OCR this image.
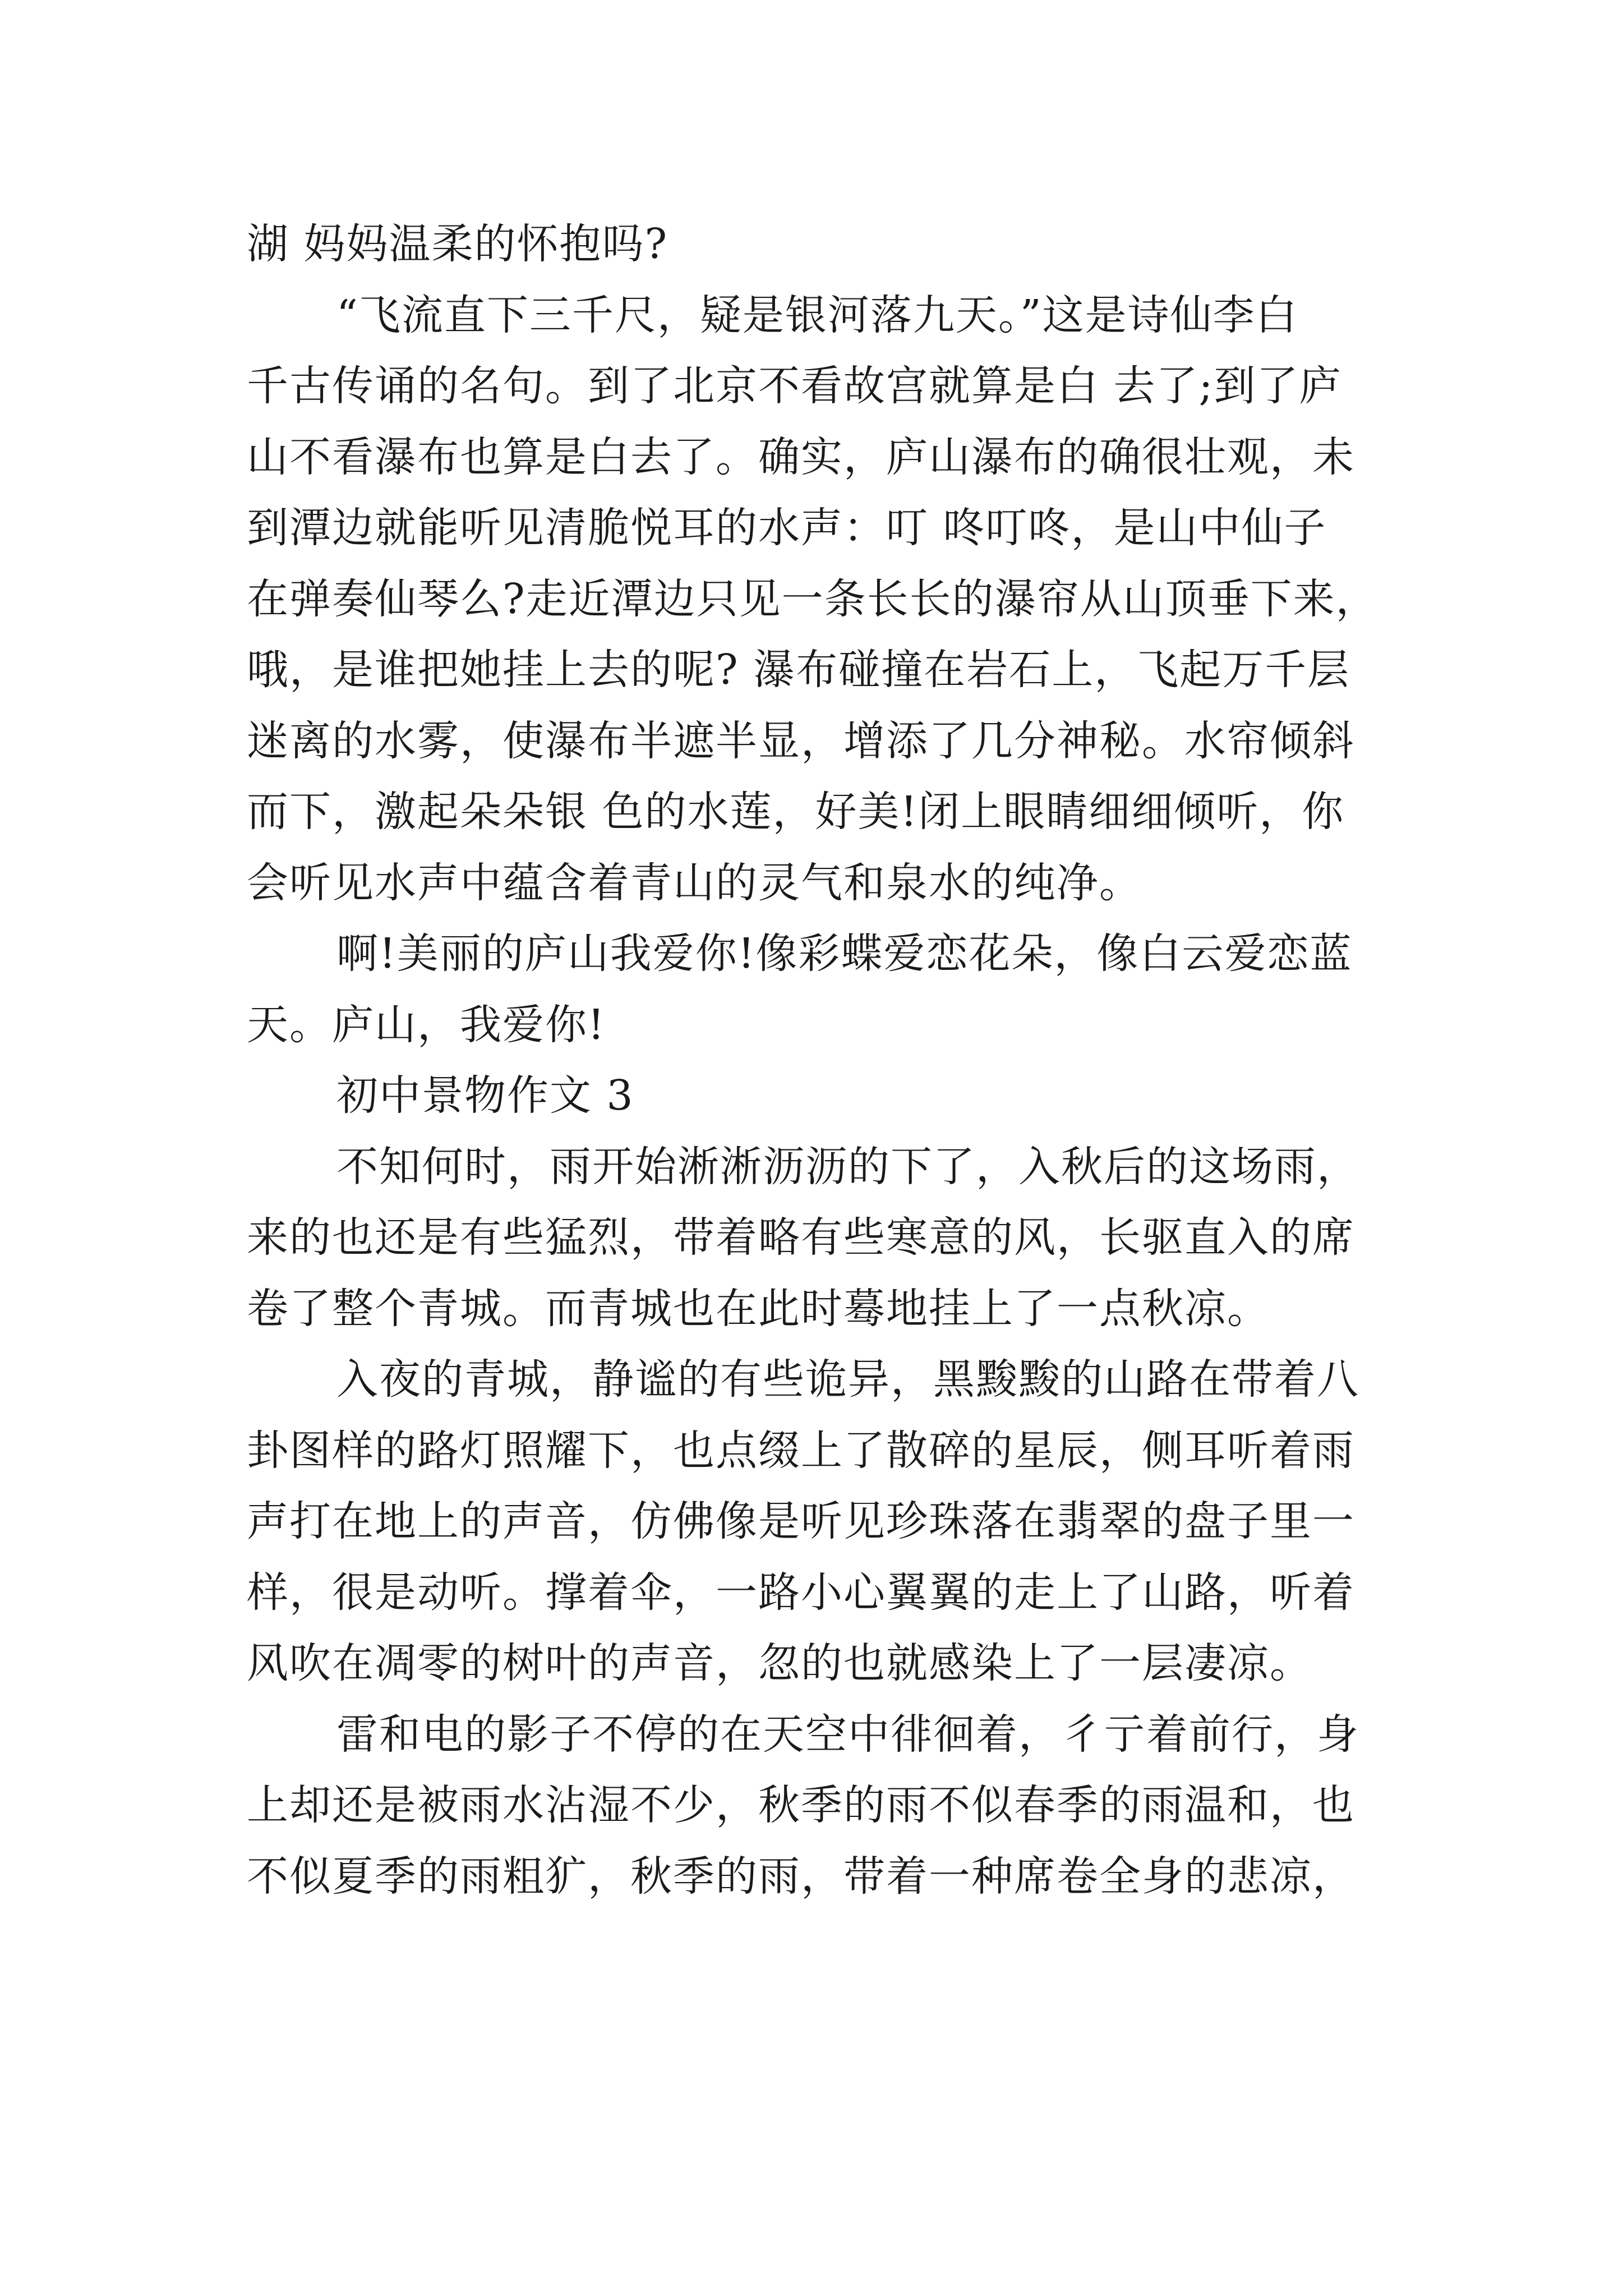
湖 妈妈温柔的怀抱吗?
“飞流直下三千尺，疑是银河落九天。”这是诗仙李白
千古传诵的名句。到了北京不看故宫就算是白 去了;到了庐
山不看瀑布也算是白去了。确实，庐山瀑布的确很壮观，未
到潭边就能听见清脆悦耳的水声：叮 咚叮咚，是山中仙子
在弹奏仙琴么?走近潭边只见一条长长的瀑帘从山顶垂下来，
哦，是谁把她挂上去的呢? 瀑布碰撞在岩石上，飞起万千层
迷离的水雾，使瀑布半遮半显，增添了几分神秘。水帘倾斜
而下，激起朵朵银 色的水莲，好美!闭上眼睛细细倾听，你
会听见水声中蕴含着青山的灵气和泉水的纯净。
啊!美丽的庐山我爱你!像彩蝶爱恋花朵，像白云爱恋蓝
天。庐山，我爱你!
初中景物作文 3
不知何时，雨开始淅淅沥沥的下了，入秋后的这场雨，
来的也还是有些猛烈，带着略有些寒意的风，长驱直入的席
卷了整个青城。而青城也在此时蓦地挂上了一点秋凉。
入夜的青城，静谧的有些诡异，黑黢黢的山路在带着八
卦图样的路灯照耀下，也点缀上了散碎的星辰，侧耳听着雨
声打在地上的声音，仿佛像是听见珍珠落在翡翠的盘子里一
样，很是动听。撑着伞，一路小心翼翼的走上了山路，听着
风吹在凋零的树叶的声音，忽的也就感染上了一层凄凉。
雷和电的影子不停的在天空中徘徊着，彳亍着前行，身
上却还是被雨水沾湿不少，秋季的雨不似春季的雨温和，也
不似夏季的雨粗犷，秋季的雨，带着一种席卷全身的悲凉，
